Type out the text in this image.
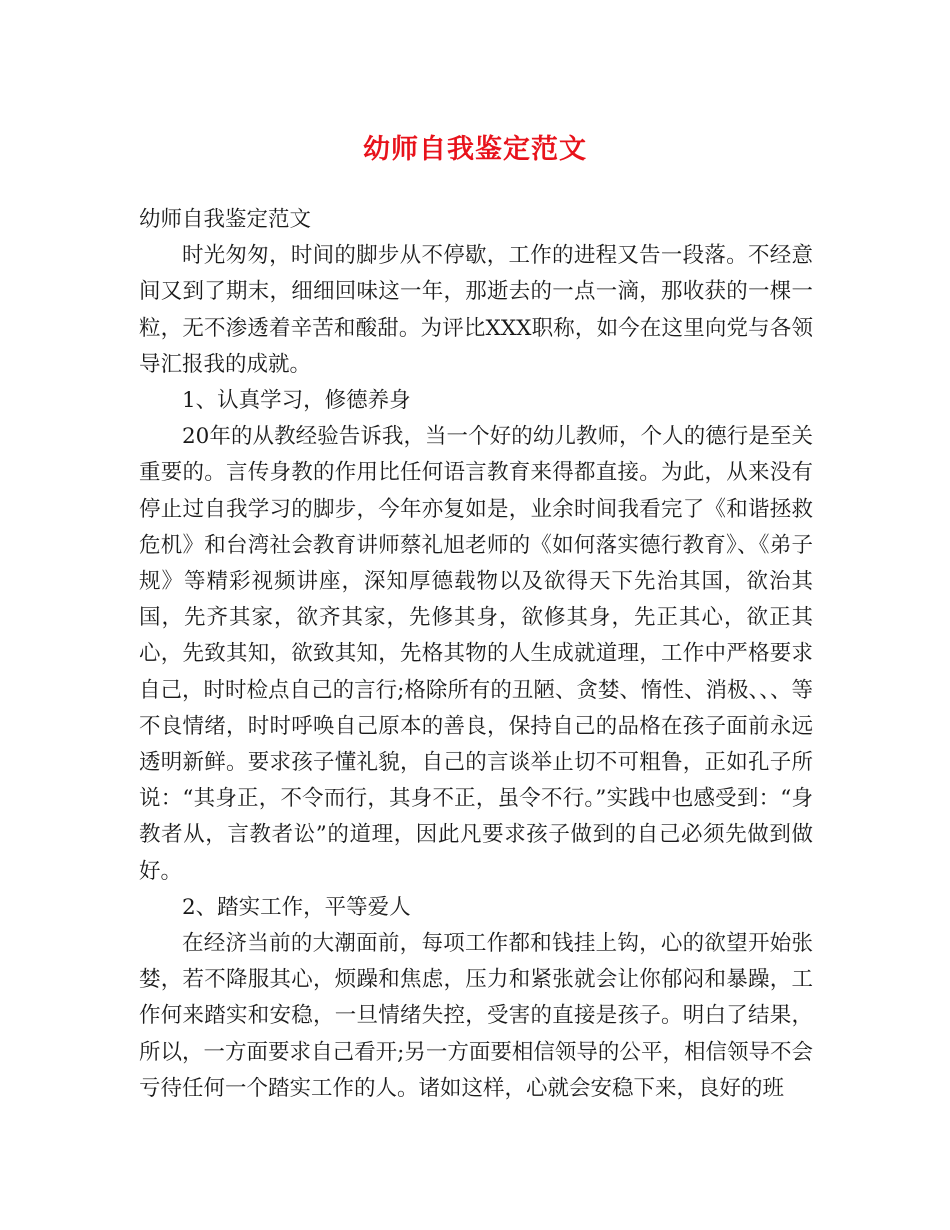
幼师自我鉴定范文

幼师自我鉴定范文

时光匆匆，时间的脚步从不停歇，工作的进程又告一段落。不经意间又到了期末，细细回味这一年，那逝去的一点一滴，那收获的一棵一粒，无不渗透着辛苦和酸甜。为评比XXX职称，如今在这里向党与各领导汇报我的成就。

1、认真学习，修德养身

20年的从教经验告诉我，当一个好的幼儿教师，个人的德行是至关重要的。言传身教的作用比任何语言教育来得都直接。为此，从来没有停止过自我学习的脚步，今年亦复如是，业余时间我看完了《和谐拯救危机》和台湾社会教育讲师蔡礼旭老师的《如何落实德行教育》、《弟子规》等精彩视频讲座，深知厚德载物以及欲得天下先治其国，欲治其国，先齐其家，欲齐其家，先修其身，欲修其身，先正其心，欲正其心，先致其知，欲致其知，先格其物的人生成就道理，工作中严格要求自己，时时检点自己的言行;格除所有的丑陋、贪婪、惰性、消极、、、等不良情绪，时时呼唤自己原本的善良，保持自己的品格在孩子面前永远透明新鲜。要求孩子懂礼貌，自己的言谈举止切不可粗鲁，正如孔子所说：“其身正，不令而行，其身不正，虽令不行。”实践中也感受到：“身教者从，言教者讼”的道理，因此凡要求孩子做到的自己必须先做到做好。

2、踏实工作，平等爱人

在经济当前的大潮面前，每项工作都和钱挂上钩，心的欲望开始张婪，若不降服其心，烦躁和焦虑，压力和紧张就会让你郁闷和暴躁，工作何来踏实和安稳，一旦情绪失控，受害的直接是孩子。明白了结果，所以，一方面要求自己看开;另一方面要相信领导的公平，相信领导不会亏待任何一个踏实工作的人。诸如这样，心就会安稳下来，良好的班
